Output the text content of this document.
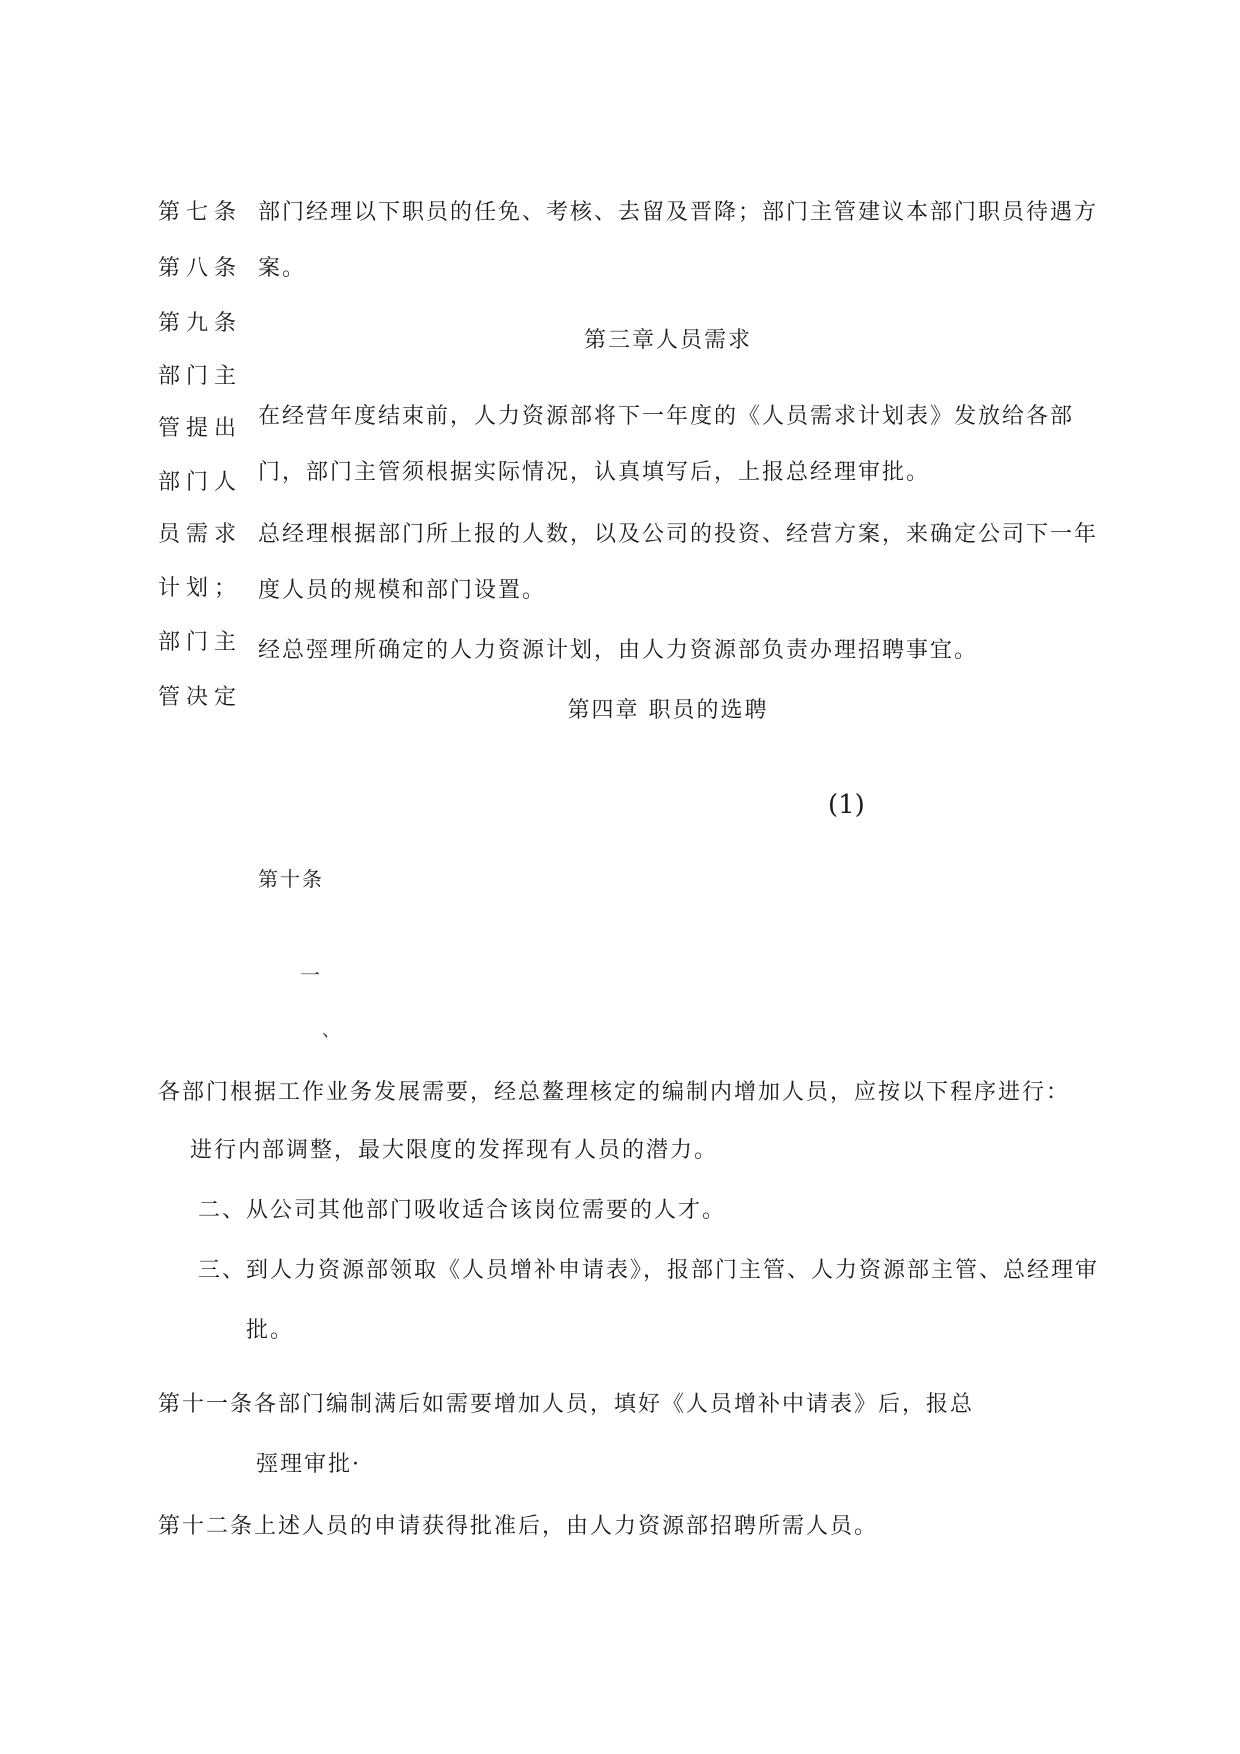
第七条
第八条
第九条
部门主
管提出
部门人
员需求
计划；
部门主
管决定
部门经理以下职员的任免、考核、去留及晋降；部门主管建议本部门职员待遇方
案。
第三章人员需求
在经营年度结束前，人力资源部将下一年度的《人员需求计划表》发放给各部
门，部门主管须根据实际情况，认真填写后，上报总经理审批。
总经理根据部门所上报的人数，以及公司的投资、经营方案，来确定公司下一年
度人员的规模和部门设置。
经总弳理所确定的人力资源计划，由人力资源部负责办理招聘事宜。
第四章 职员的选聘
(1)
第十条
一
、
各部门根据工作业务发展需要，经总鳌理核定的编制内增加人员，应按以下程序进行：
进行内部调整，最大限度的发挥现有人员的潜力。
二、从公司其他部门吸收适合该岗位需要的人才。
三、到人力资源部领取《人员增补申请表》，报部门主管、人力资源部主管、总经理审
批。
第十一条各部门编制满后如需要增加人员，填好《人员增补中请表》后，报总
弳理审批·
第十二条上述人员的申请获得批准后，由人力资源部招聘所需人员。
